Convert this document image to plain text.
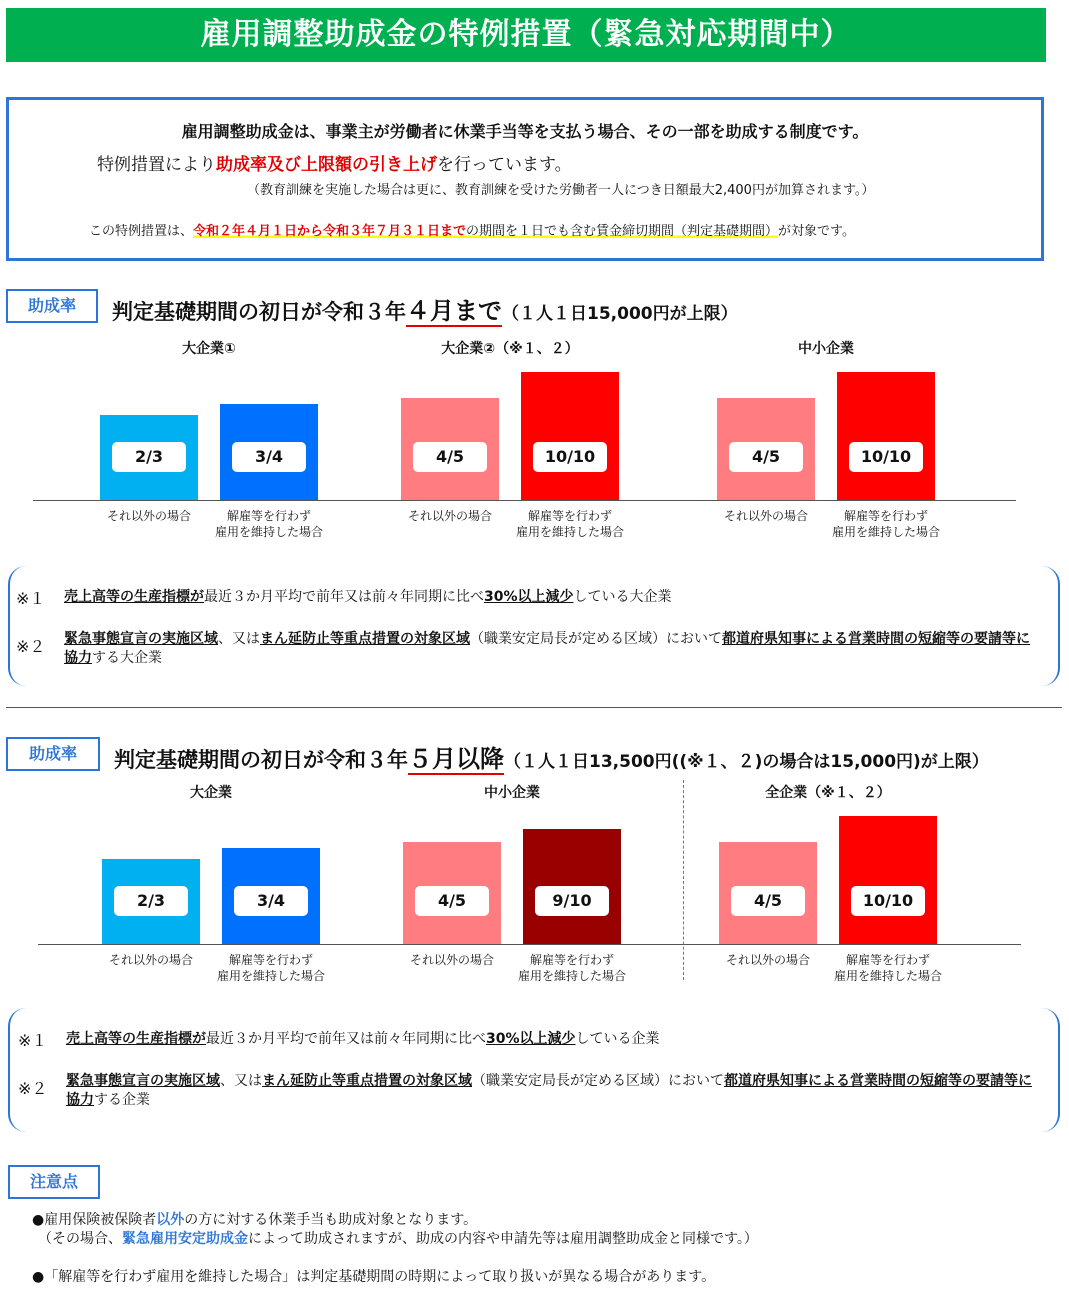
雇用調整助成金の特例措置（緊急対応期間中）
雇用調整助成金は、事業主が労働者に休業手当等を支払う場合、その一部を助成する制度です。
特例措置により助成率及び上限額の引き上げを行っています。
（教育訓練を実施した場合は更に、教育訓練を受けた労働者一人につき日額最大2,400円が加算されます。）
この特例措置は、令和２年４月１日から令和３年７月３１日までの期間を１日でも含む賃金締切期間（判定基礎期間）が対象です。
助成率	判定基礎期間の初日が令和３年４月まで（１人１日15,000円が上限）
大企業①
2/3
それ以外の場合
3/4
解雇等を行わず
雇用を維持した場合
大企業②（※１、２）
4/5
それ以外の場合
10/10
解雇等を行わず
雇用を維持した場合
中小企業
4/5
それ以外の場合
10/10
解雇等を行わず
雇用を維持した場合
※１ 売上高等の生産指標が最近３か月平均で前年又は前々年同期に比べ30%以上減少している大企業
※２ 緊急事態宣言の実施区域、又はまん延防止等重点措置の対象区域（職業安定局長が定める区域）において都道府県知事による営業時間の短縮等の要請等に協力する大企業
助成率	判定基礎期間の初日が令和３年５月以降（１人１日13,500円((※１、２)の場合は15,000円)が上限）
大企業
2/3
それ以外の場合
3/4
解雇等を行わず
雇用を維持した場合
中小企業
4/5
それ以外の場合
9/10
解雇等を行わず
雇用を維持した場合
全企業（※１、２）
4/5
それ以外の場合
10/10
解雇等を行わず
雇用を維持した場合
※１ 売上高等の生産指標が最近３か月平均で前年又は前々年同期に比べ30%以上減少している企業
※２ 緊急事態宣言の実施区域、又はまん延防止等重点措置の対象区域（職業安定局長が定める区域）において都道府県知事による営業時間の短縮等の要請等に協力する企業
注意点
●雇用保険被保険者以外の方に対する休業手当も助成対象となります。
（その場合、緊急雇用安定助成金によって助成されますが、助成の内容や申請先等は雇用調整助成金と同様です。）
●「解雇等を行わず雇用を維持した場合」は判定基礎期間の時期によって取り扱いが異なる場合があります。
